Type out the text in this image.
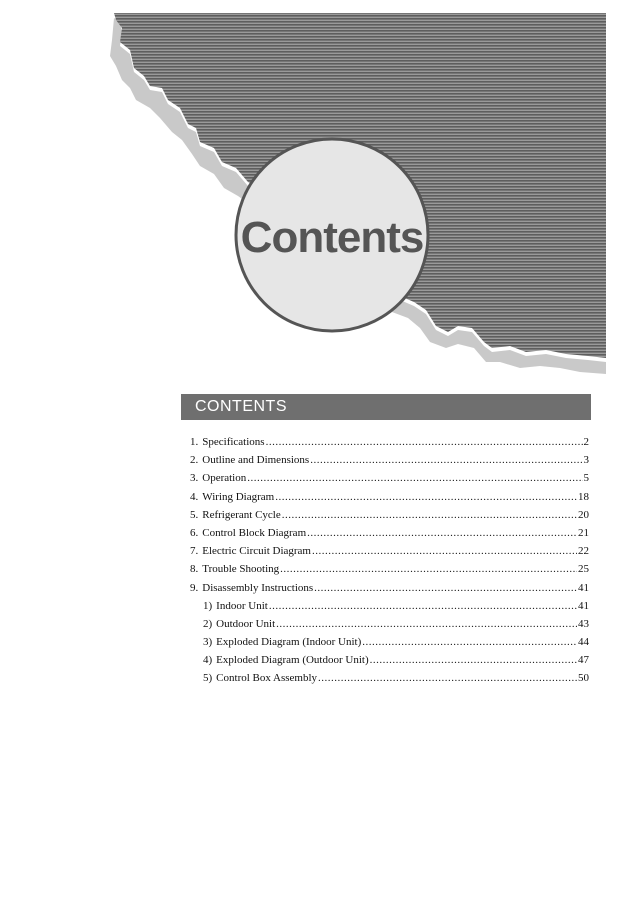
Contents
CONTENTS
1. Specifications .....	2
2. Outline and Dimensions .....	3
3. Operation .....	5
4. Wiring Diagram .....	18
5. Refrigerant Cycle .....	20
6. Control Block Diagram .....	21
7. Electric Circuit Diagram .....	22
8. Trouble Shooting .....	25
9. Disassembly Instructions .....	41
1) Indoor Unit .....	41
2) Outdoor Unit .....	43
3) Exploded Diagram (Indoor Unit) .....	44
4) Exploded Diagram (Outdoor Unit) .....	47
5) Control Box Assembly .....	50
